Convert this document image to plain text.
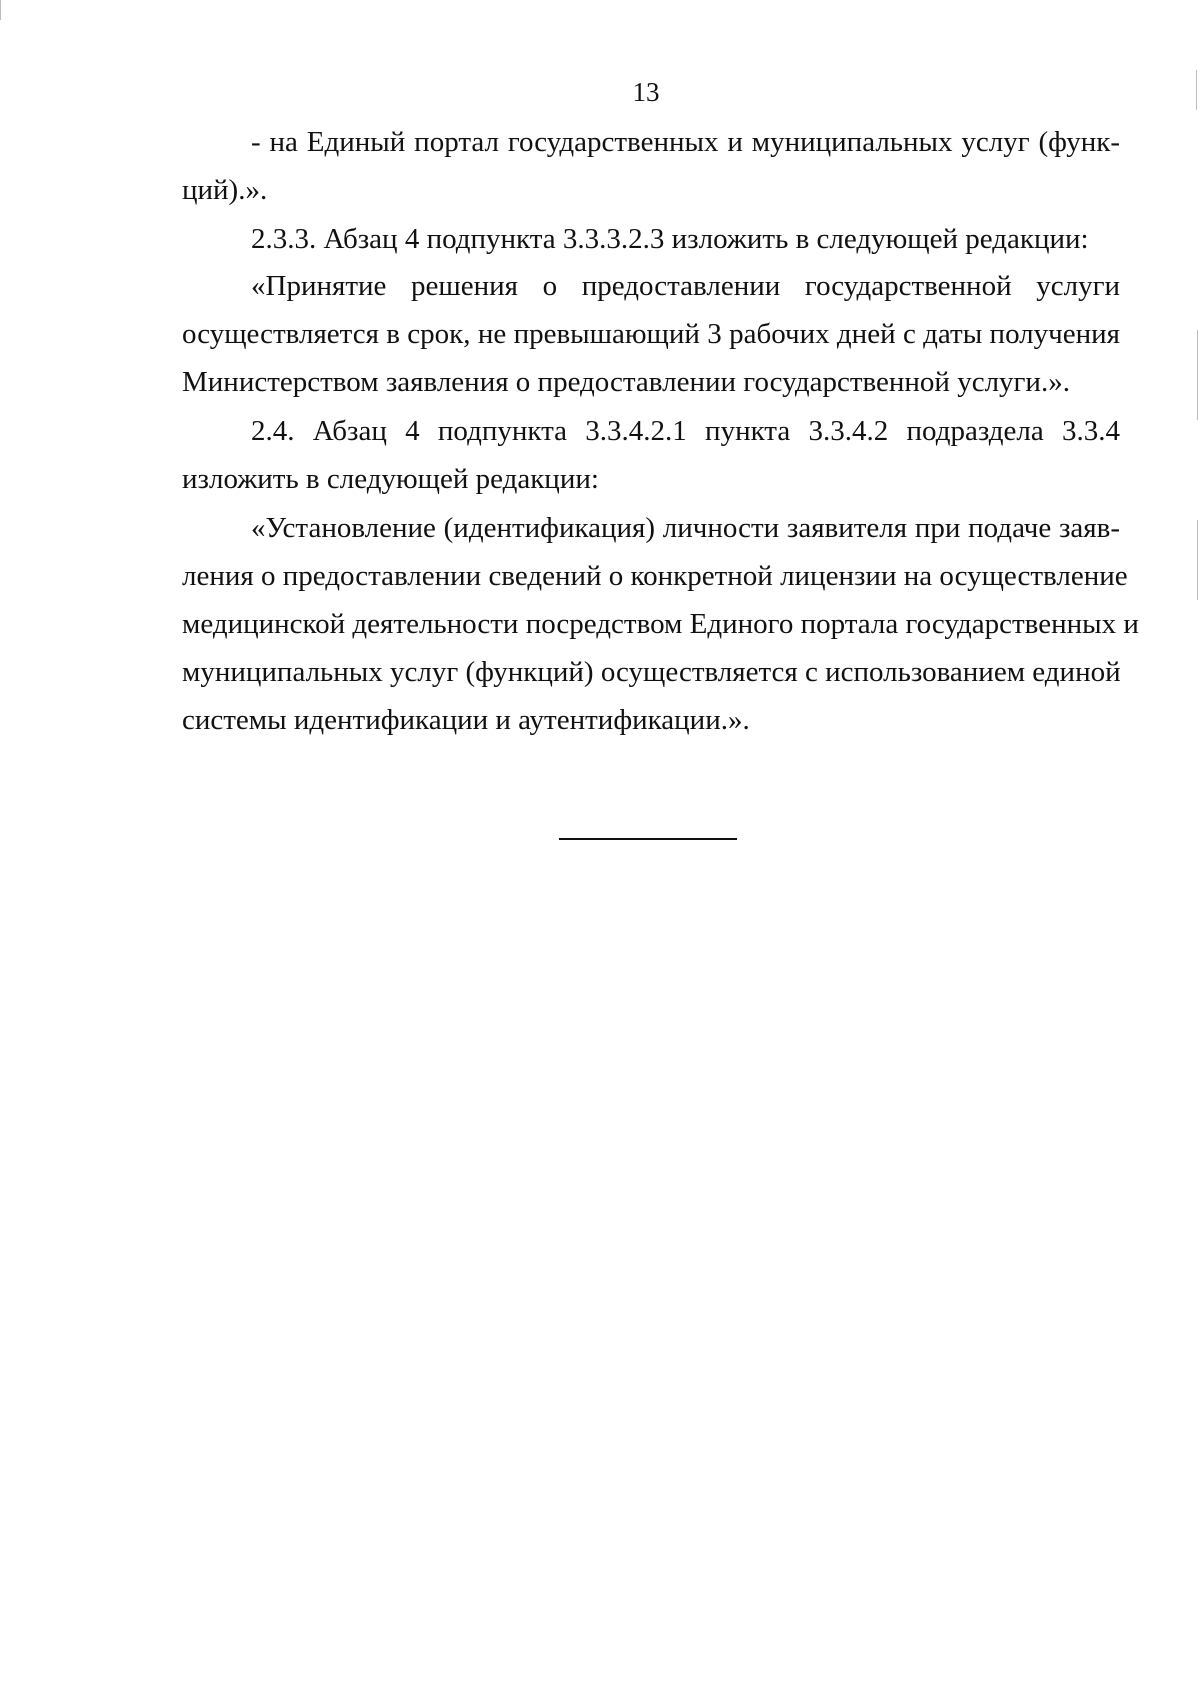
13
- на Единый портал государственных и муниципальных услуг (функ-
ций).».
2.3.3. Абзац 4 подпункта 3.3.3.2.3 изложить в следующей редакции:
«Принятие решения о предоставлении государственной услуги
осуществляется в срок, не превышающий 3 рабочих дней с даты получения
Министерством заявления о предоставлении государственной услуги.».
2.4. Абзац 4 подпункта 3.3.4.2.1 пункта 3.3.4.2 подраздела 3.3.4
изложить в следующей редакции:
«Установление (идентификация) личности заявителя при подаче заяв-
ления о предоставлении сведений о конкретной лицензии на осуществление
медицинской деятельности посредством Единого портала государственных и
муниципальных услуг (функций) осуществляется с использованием единой
системы идентификации и аутентификации.».
